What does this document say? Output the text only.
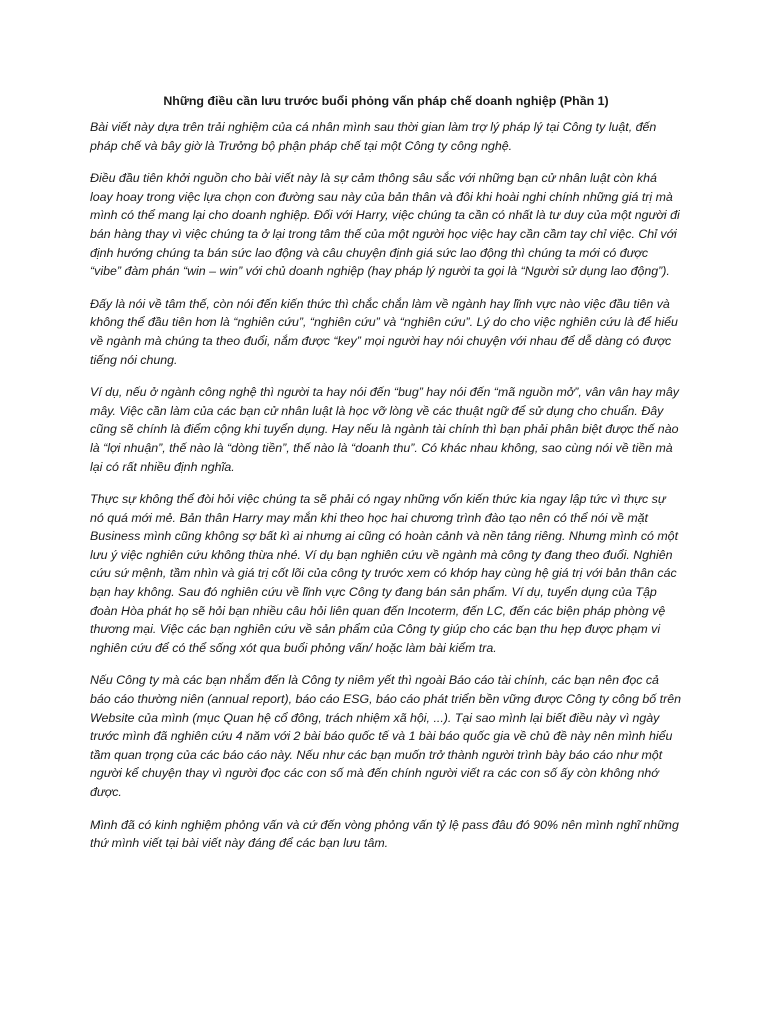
Những điều cần lưu trước buổi phỏng vấn pháp chế doanh nghiệp (Phần 1)

Bài viết này dựa trên trải nghiệm của cá nhân mình sau thời gian làm trợ lý pháp lý tại Công ty luật, đến pháp chế và bây giờ là Trưởng bộ phận pháp chế tại một Công ty công nghệ.

Điều đầu tiên khởi nguồn cho bài viết này là sự cảm thông sâu sắc với những bạn cử nhân luật còn khá loay hoay trong việc lựa chọn con đường sau này của bản thân và đôi khi hoài nghi chính những giá trị mà mình có thể mang lại cho doanh nghiệp. Đối với Harry, việc chúng ta cần có nhất là tư duy của một người đi bán hàng thay vì việc chúng ta ở lại trong tâm thế của một người học việc hay cần cầm tay chỉ việc. Chỉ với định hướng chúng ta bán sức lao động và câu chuyện định giá sức lao động thì chúng ta mới có được “vibe” đàm phán “win – win” với chủ doanh nghiệp (hay pháp lý người ta gọi là “Người sử dụng lao động”).

Đấy là nói về tâm thế, còn nói đến kiến thức thì chắc chắn làm về ngành hay lĩnh vực nào việc đầu tiên và không thể đầu tiên hơn là “nghiên cứu”, “nghiên cứu” và “nghiên cứu”. Lý do cho việc nghiên cứu là để hiểu về ngành mà chúng ta theo đuổi, nắm được “key” mọi người hay nói chuyện với nhau để dễ dàng có được tiếng nói chung.

Ví dụ, nếu ở ngành công nghệ thì người ta hay nói đến “bug” hay nói đến “mã nguồn mở”, vân vân hay mây mây. Việc cần làm của các bạn cử nhân luật là học vỡ lòng về các thuật ngữ để sử dụng cho chuẩn. Đây cũng sẽ chính là điểm cộng khi tuyển dụng. Hay nếu là ngành tài chính thì bạn phải phân biệt được thế nào là “lợi nhuận”, thế nào là “dòng tiền”, thế nào là “doanh thu”. Có khác nhau không, sao cùng nói về tiền mà lại có rất nhiều định nghĩa.

Thực sự không thể đòi hỏi việc chúng ta sẽ phải có ngay những vốn kiến thức kia ngay lập tức vì thực sự nó quá mới mẻ. Bản thân Harry may mắn khi theo học hai chương trình đào tạo nên có thể nói về mặt Business mình cũng không sợ bất kì ai nhưng ai cũng có hoàn cảnh và nền tảng riêng. Nhưng mình có một lưu ý việc nghiên cứu không thừa nhé. Ví dụ bạn nghiên cứu về ngành mà công ty đang theo đuổi. Nghiên cứu sứ mệnh, tầm nhìn và giá trị cốt lõi của công ty trước xem có khớp hay cùng hệ giá trị với bản thân các bạn hay không. Sau đó nghiên cứu về lĩnh vực Công ty đang bán sản phẩm. Ví dụ, tuyển dụng của Tập đoàn Hòa phát họ sẽ hỏi bạn nhiều câu hỏi liên quan đến Incoterm, đến LC, đến các biện pháp phòng vệ thương mại. Việc các bạn nghiên cứu về sản phẩm của Công ty giúp cho các bạn thu hẹp được phạm vi nghiên cứu để có thể sống xót qua buổi phỏng vấn/ hoặc làm bài kiểm tra.

Nếu Công ty mà các bạn nhắm đến là Công ty niêm yết thì ngoài Báo cáo tài chính, các bạn nên đọc cả báo cáo thường niên (annual report), báo cáo ESG, báo cáo phát triển bền vững được Công ty công bố trên Website của mình (mục Quan hệ cổ đông, trách nhiệm xã hội, ...). Tại sao mình lại biết điều này vì ngày trước mình đã nghiên cứu 4 năm với 2 bài báo quốc tế và 1 bài báo quốc gia về chủ đề này nên mình hiểu tầm quan trọng của các báo cáo này. Nếu như các bạn muốn trở thành người trình bày báo cáo như một người kể chuyện thay vì người đọc các con số mà đến chính người viết ra các con số ấy còn không nhớ được.

Mình đã có kinh nghiệm phỏng vấn và cứ đến vòng phỏng vấn tỷ lệ pass đâu đó 90% nên mình nghĩ những thứ mình viết tại bài viết này đáng để các bạn lưu tâm.
